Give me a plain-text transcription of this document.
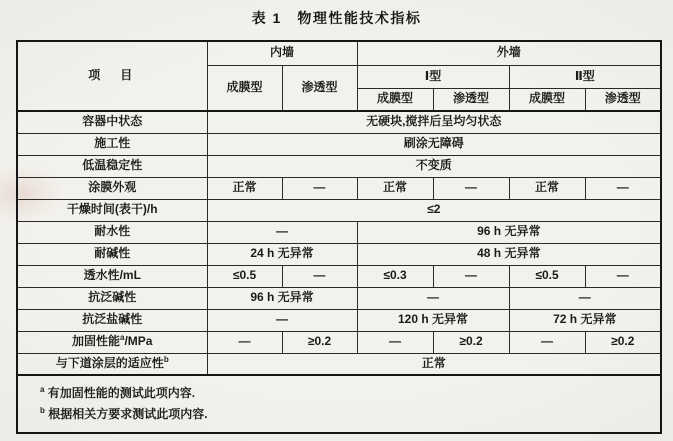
表 1　物理性能技术指标
项　目	内墙		外墙			
	成膜型	渗透型	Ⅰ型		Ⅱ型	
			成膜型	渗透型	成膜型	渗透型
容器中状态	无硬块,搅拌后呈均匀状态					
施工性	刷涂无障碍					
低温稳定性	不变质					
涂膜外观	正常	—	正常	—	正常	—
干燥时间(表干)/h	≤2					
耐水性	—		96 h 无异常			
耐碱性	24 h 无异常		48 h 无异常			
透水性/mL	≤0.5	—	≤0.3	—	≤0.5	—
抗泛碱性	96 h 无异常		—		—	
抗泛盐碱性	—		120 h 无异常		72 h 无异常	
加固性能$^a$/MPa	—	≥0.2	—	≥0.2	—	≥0.2
与下道涂层的适应性$^b$	正常					

$^a$ 有加固性能的测试此项内容.
$^b$ 根据相关方要求测试此项内容.						
